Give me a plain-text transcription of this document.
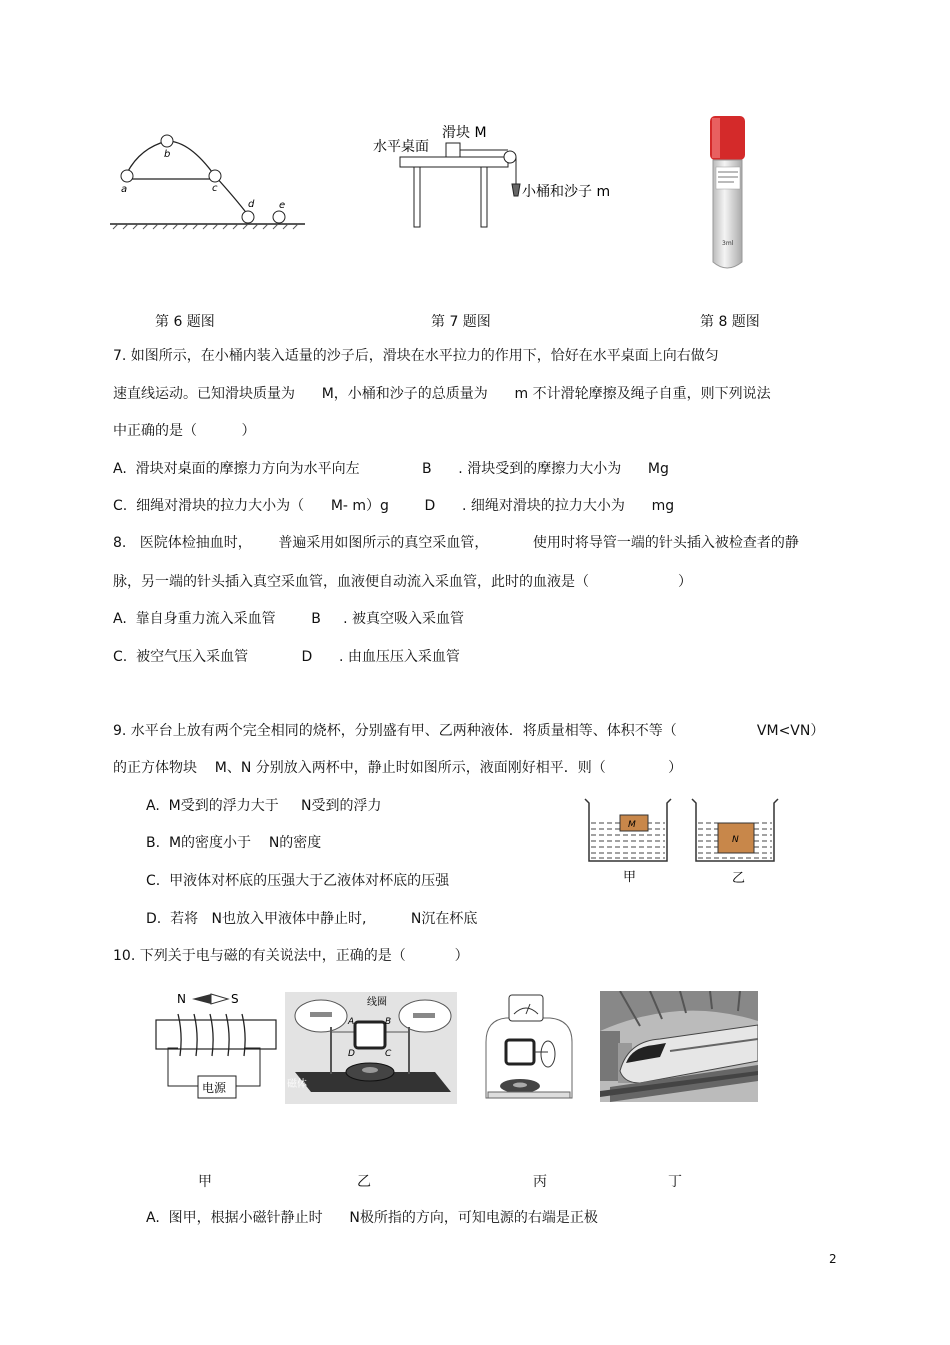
a
b
c
d e
滑块 M
水平桌面
小桶和沙子 m
3ml
第 6 题图	第 7 题图	第 8 题图
7. 如图所示，在小桶内装入适量的沙子后，滑块在水平拉力的作用下，恰好在水平桌面上向右做匀
速直线运动。已知滑块质量为      M，小桶和沙子的总质量为      m 不计滑轮摩擦及绳子自重，则下列说法
中正确的是（          ）
A.  滑块对桌面的摩擦力方向为水平向左              B      . 滑块受到的摩擦力大小为      Mg
C.  细绳对滑块的拉力大小为（      M- m）g        D      . 细绳对滑块的拉力大小为      mg
8.   医院体检抽血时，      普遍采用如图所示的真空采血管，          使用时将导管一端的针头插入被检查者的静
脉，另一端的针头插入真空采血管，血液便自动流入采血管，此时的血液是（                    ）
A.  靠自身重力流入采血管        B     . 被真空吸入采血管
C.  被空气压入采血管            D      . 由血压压入采血管
9. 水平台上放有两个完全相同的烧杯，分别盛有甲、乙两种液体．将质量相等、体积不等（                  VM<VN）
的正方体物块    M、N 分别放入两杯中，静止时如图所示，液面刚好相平．则（              ）
A.  M受到的浮力大于     N受到的浮力
B.  M的密度小于    N的密度
C.  甲液体对杯底的压强大于乙液体对杯底的压强
D.  若将   N也放入甲液体中静止时,          N沉在杯底
M
N
甲	乙
10. 下列关于电与磁的有关说法中，正确的是（           ）
N	S
电源
线圈
A	B
D	C
磁体
甲	乙	丙	丁
A.  图甲，根据小磁针静止时      N极所指的方向，可知电源的右端是正极
2
